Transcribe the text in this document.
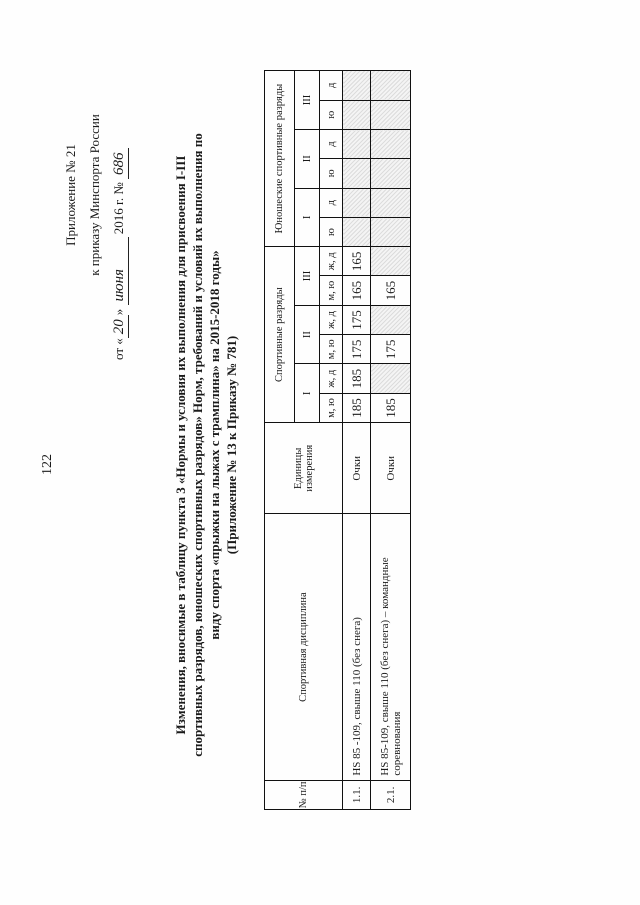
122
Приложение № 21 к приказу Минспорта России
от «20» июня 2016 г. № 686	Изменения, вносимые в таблицу пункта 3 «Нормы и условия их выполнения для присвоения I-III спортивных разрядов, юношеских спортивных разрядов» Норм, требований и условий их выполнения по виду спорта «прыжки на лыжах с трамплина» на 2015-2018 годы» (Приложение № 13 к Приказу № 781)
№ п/п	Спортивная дисциплина	Единицы измерения	Спортивные разряды						Юношеские спортивные разряды					
			I		II		III		I		II		III	
			м, ю	ж, д	м, ю	ж, д	м, ю	ж, д	ю	д	ю	д	ю	д
1.1.	HS 85 -109, свыше 110 (без снега)	Очки	185	185	175	175	165	165						
2.1.	HS 85-109, свыше 110 (без снега) – командные соревнования	Очки	185		175		165							
